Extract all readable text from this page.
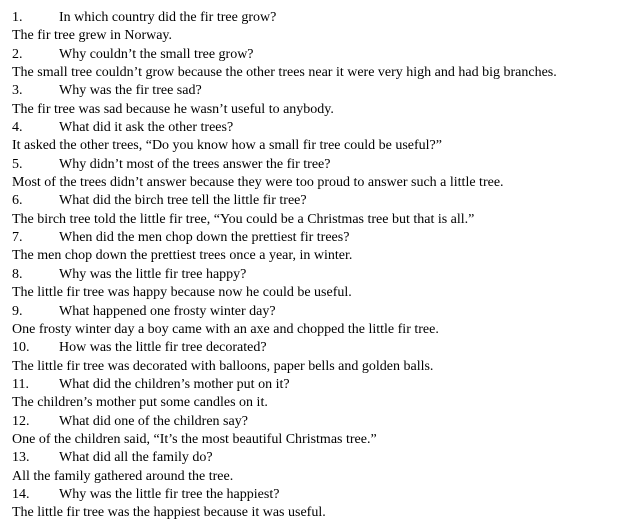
1.	In which country did the fir tree grow?
The fir tree grew in Norway.
2.	Why couldn’t the small tree grow?
The small tree couldn’t grow because the other trees near it were very high and had big branches.
3.	Why was the fir tree sad?
The fir tree was sad because he wasn’t useful to anybody.
4.	What did it ask the other trees?
It asked the other trees, “Do you know how a small fir tree could be useful?”
5.	Why didn’t most of the trees answer the fir tree?
Most of the trees didn’t answer because they were too proud to answer such a little tree.
6.	What did the birch tree tell the little fir tree?
The birch tree told the little fir tree, “You could be a Christmas tree but that is all.”
7.	When did the men chop down the prettiest fir trees?
The men chop down the prettiest trees once a year, in winter.
8.	Why was the little fir tree happy?
The little fir tree was happy because now he could be useful.
9.	What happened one frosty winter day?
One frosty winter day a boy came with an axe and chopped the little fir tree.
10. How was the little fir tree decorated?
The little fir tree was decorated with balloons, paper bells and golden balls.
11. What did the children’s mother put on it?
The children’s mother put some candles on it.
12. What did one of the children say?
One of the children said, “It’s the most beautiful Christmas tree.”
13. What did all the family do?
All the family gathered around the tree.
14. Why was the little fir tree the happiest?
The little fir tree was the happiest because it was useful.
